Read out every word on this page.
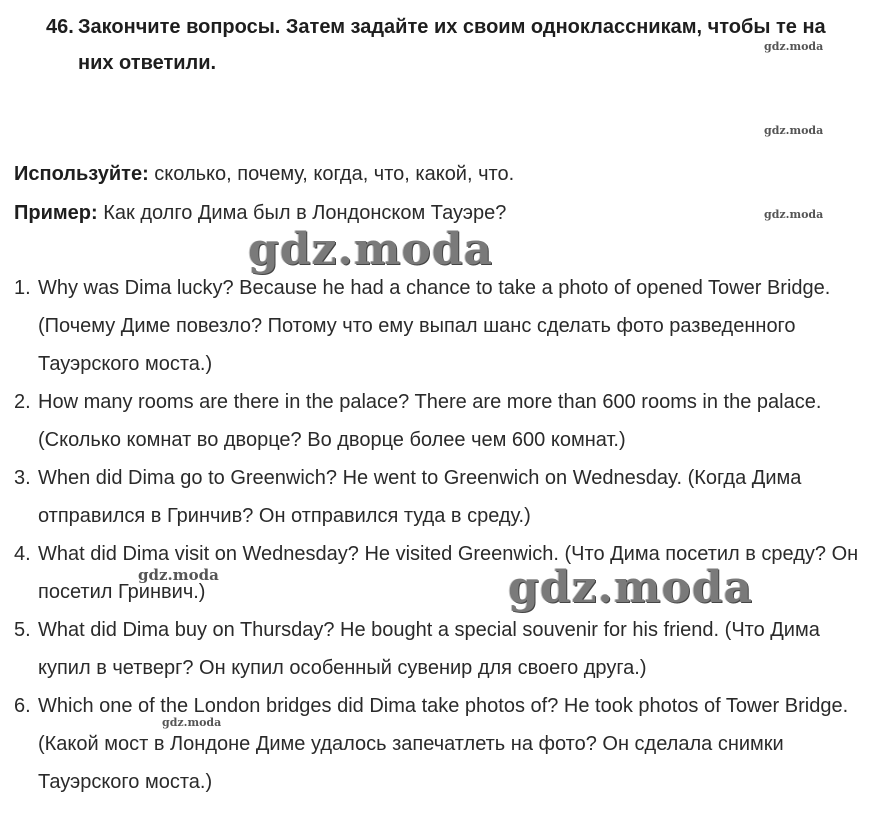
46. Закончите вопросы. Затем задайте их своим одноклассникам, чтобы те на них ответили.
Используйте: сколько, почему, когда, что, какой, что.
Пример: Как долго Дима был в Лондонском Тауэре?
1. Why was Dima lucky? Because he had a chance to take a photo of opened Tower Bridge. (Почему Диме повезло? Потому что ему выпал шанс сделать фото разведенного Тауэрского моста.)
2. How many rooms are there in the palace? There are more than 600 rooms in the palace. (Сколько комнат во дворце? Во дворце более чем 600 комнат.)
3. When did Dima go to Greenwich? He went to Greenwich on Wednesday. (Когда Дима отправился в Гринчив? Он отправился туда в среду.)
4. What did Dima visit on Wednesday? He visited Greenwich. (Что Дима посетил в среду? Он посетил Гринвич.)
5. What did Dima buy on Thursday? He bought a special souvenir for his friend. (Что Дима купил в четверг? Он купил особенный сувенир для своего друга.)
6. Which one of the London bridges did Dima take photos of? He took photos of Tower Bridge. (Какой мост в Лондоне Диме удалось запечатлеть на фото? Он сделала снимки Тауэрского моста.)
gdz.moda
gdz.moda
gdz.moda
gdz.moda
gdz.moda	gdz.moda
gdz.moda
